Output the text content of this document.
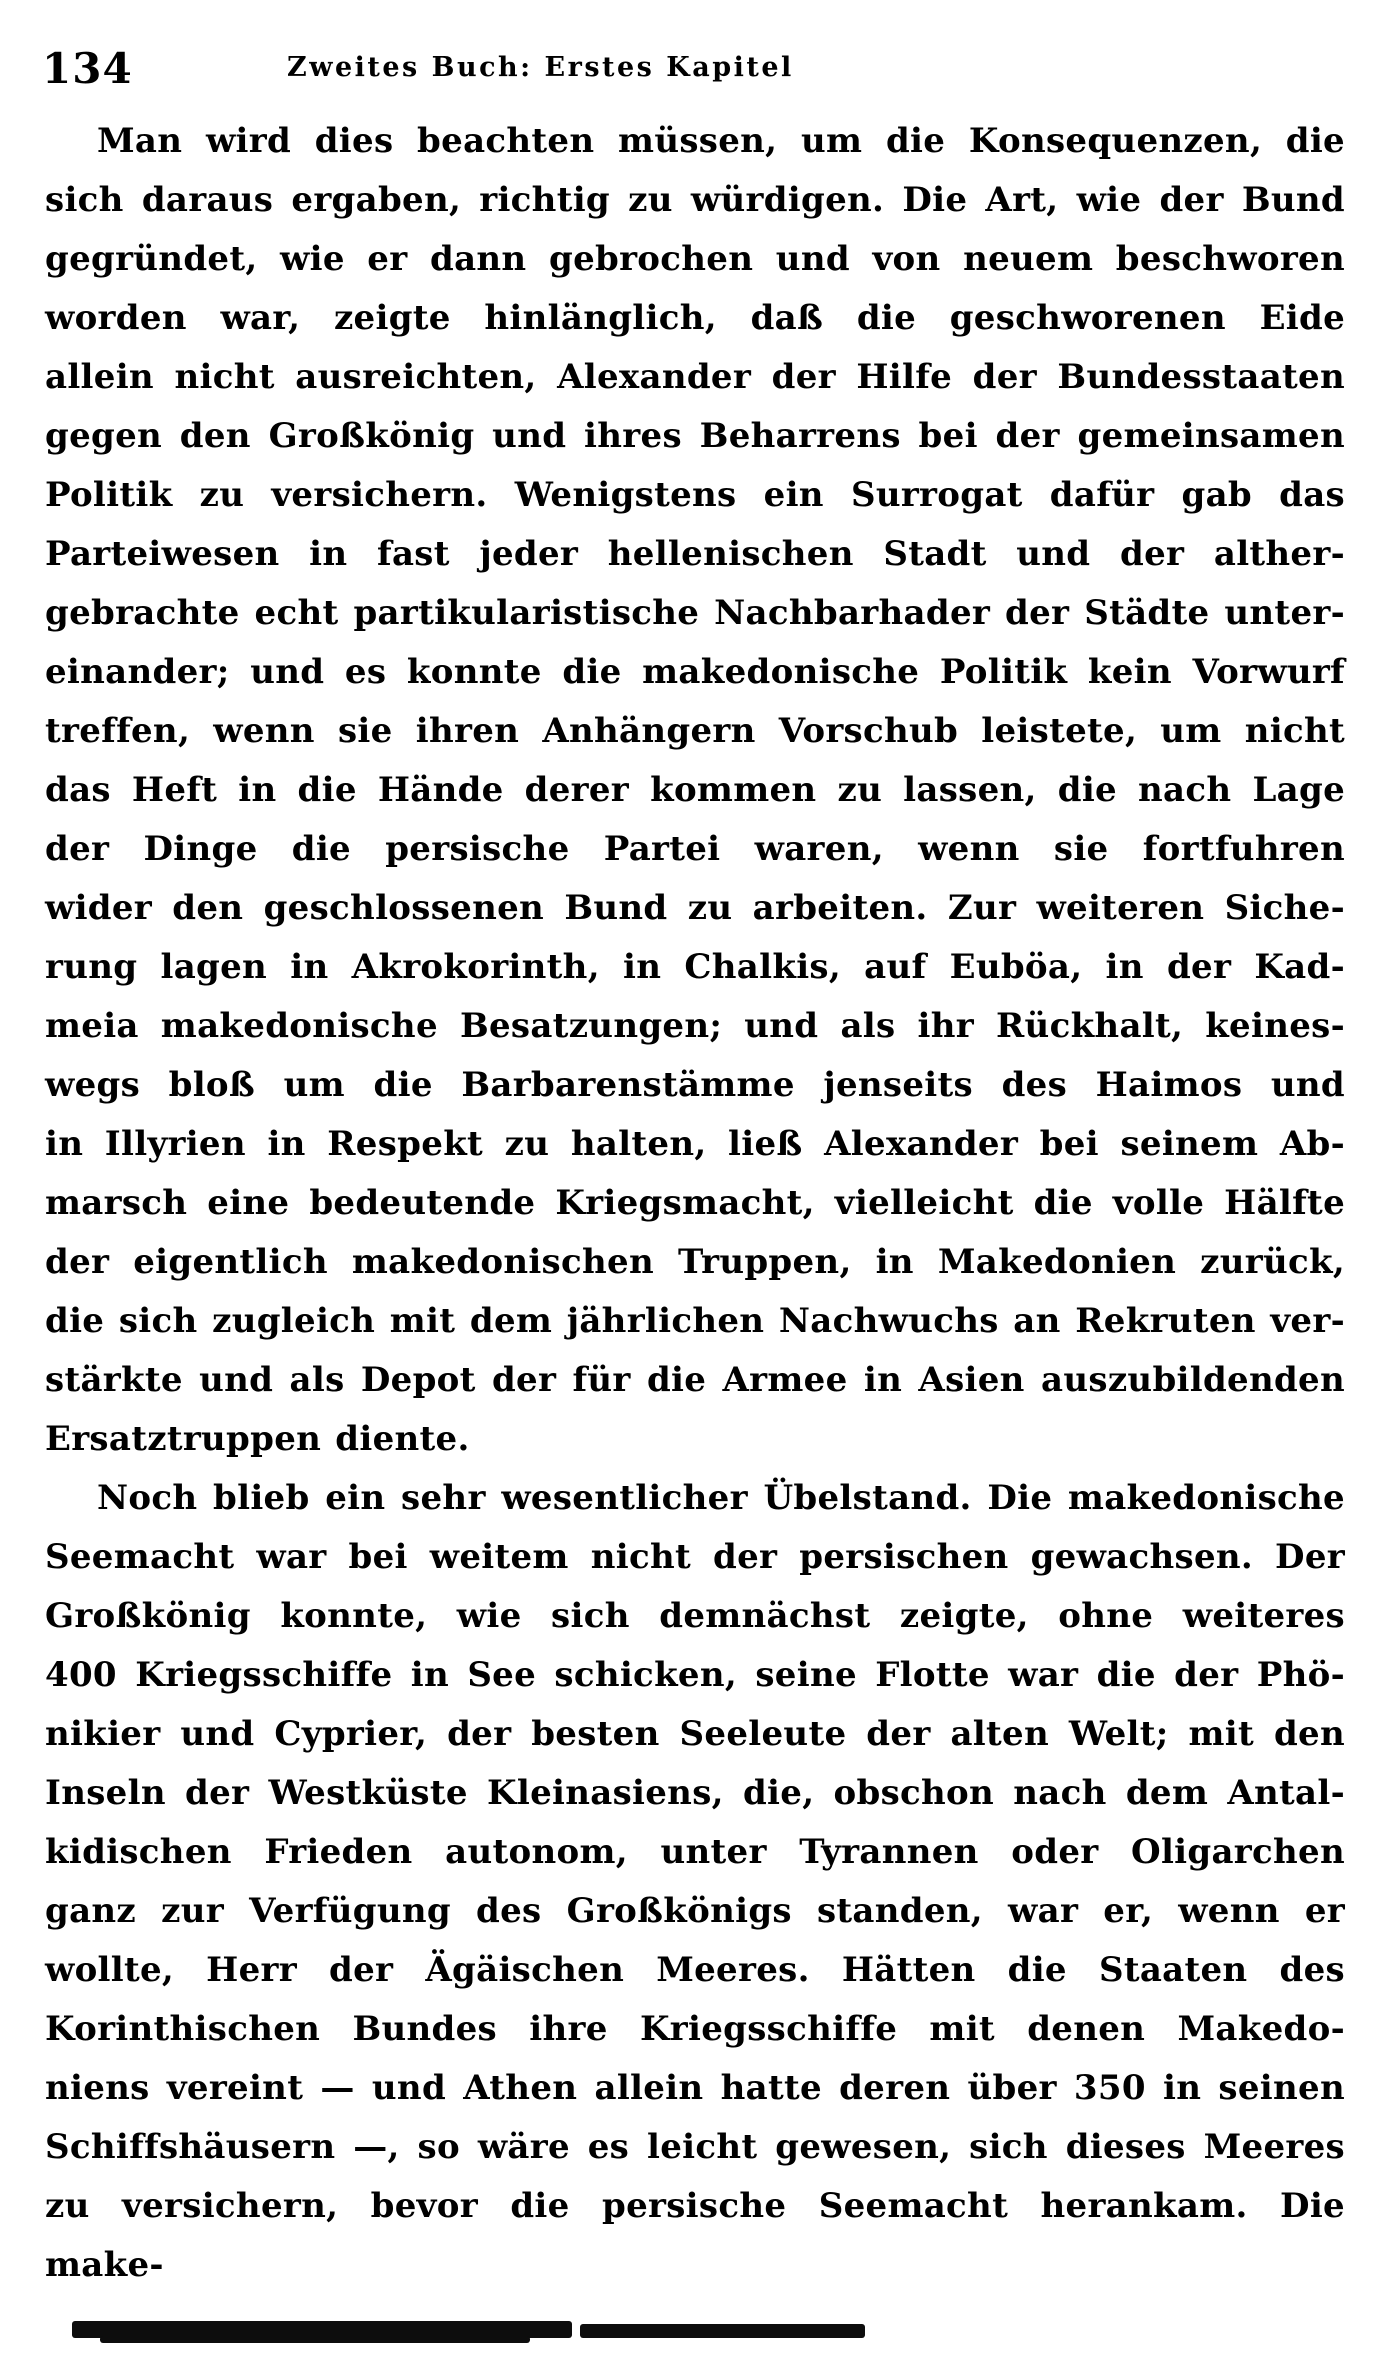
134	Zweites Buch: Erstes Kapitel
Man wird dies beachten müssen, um die Konsequenzen, die
sich daraus ergaben, richtig zu würdigen. Die Art, wie der Bund
gegründet, wie er dann gebrochen und von neuem beschworen
worden war, zeigte hinlänglich, daß die geschworenen Eide
allein nicht ausreichten, Alexander der Hilfe der Bundesstaaten
gegen den Großkönig und ihres Beharrens bei der gemeinsamen
Politik zu versichern. Wenigstens ein Surrogat dafür gab das
Parteiwesen in fast jeder hellenischen Stadt und der alther-
gebrachte echt partikularistische Nachbarhader der Städte unter-
einander; und es konnte die makedonische Politik kein Vorwurf
treffen, wenn sie ihren Anhängern Vorschub leistete, um nicht
das Heft in die Hände derer kommen zu lassen, die nach Lage
der Dinge die persische Partei waren, wenn sie fortfuhren
wider den geschlossenen Bund zu arbeiten. Zur weiteren Siche-
rung lagen in Akrokorinth, in Chalkis, auf Euböa, in der Kad-
meia makedonische Besatzungen; und als ihr Rückhalt, keines-
wegs bloß um die Barbarenstämme jenseits des Haimos und
in Illyrien in Respekt zu halten, ließ Alexander bei seinem Ab-
marsch eine bedeutende Kriegsmacht, vielleicht die volle Hälfte
der eigentlich makedonischen Truppen, in Makedonien zurück,
die sich zugleich mit dem jährlichen Nachwuchs an Rekruten ver-
stärkte und als Depot der für die Armee in Asien auszubildenden
Ersatztruppen diente.
Noch blieb ein sehr wesentlicher Übelstand. Die makedonische
Seemacht war bei weitem nicht der persischen gewachsen. Der
Großkönig konnte, wie sich demnächst zeigte, ohne weiteres
400 Kriegsschiffe in See schicken, seine Flotte war die der Phö-
nikier und Cyprier, der besten Seeleute der alten Welt; mit den
Inseln der Westküste Kleinasiens, die, obschon nach dem Antal-
kidischen Frieden autonom, unter Tyrannen oder Oligarchen
ganz zur Verfügung des Großkönigs standen, war er, wenn er
wollte, Herr der Ägäischen Meeres. Hätten die Staaten des
Korinthischen Bundes ihre Kriegsschiffe mit denen Makedo-
niens vereint — und Athen allein hatte deren über 350 in seinen
Schiffshäusern —, so wäre es leicht gewesen, sich dieses Meeres
zu versichern, bevor die persische Seemacht herankam. Die make-
